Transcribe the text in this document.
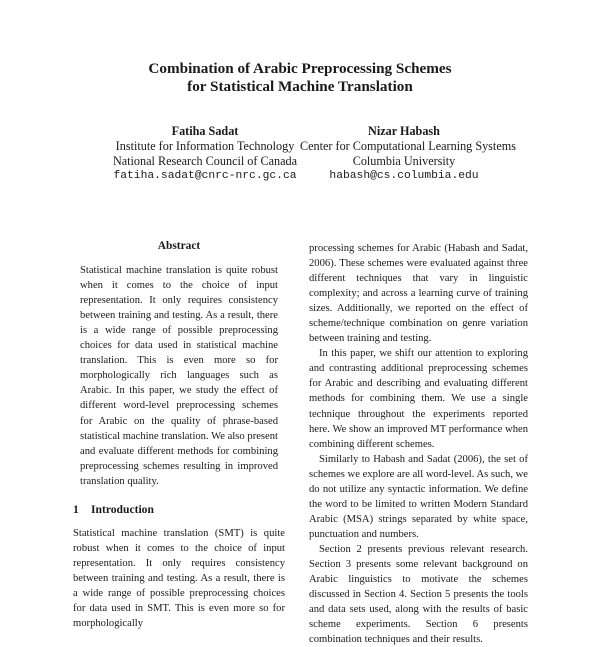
Combination of Arabic Preprocessing Schemes
for Statistical Machine Translation
Fatiha Sadat
Institute for Information Technology
National Research Council of Canada
fatiha.sadat@cnrc-nrc.gc.ca
Nizar Habash
Center for Computational Learning Systems
Columbia University
habash@cs.columbia.edu
Abstract

Statistical machine translation is quite robust when it comes to the choice of input representation. It only requires consistency between training and testing. As a result, there is a wide range of possible preprocessing choices for data used in statistical machine translation. This is even more so for morphologically rich languages such as Arabic. In this paper, we study the effect of different word-level preprocessing schemes for Arabic on the quality of phrase-based statistical machine translation. We also present and evaluate different methods for combining preprocessing schemes resulting in improved translation quality.

1 Introduction

Statistical machine translation (SMT) is quite robust when it comes to the choice of input representation. It only requires consistency between training and testing. As a result, there is a wide range of possible preprocessing choices for data used in SMT. This is even more so for morphologically

processing schemes for Arabic (Habash and Sadat, 2006). These schemes were evaluated against three different techniques that vary in linguistic complexity; and across a learning curve of training sizes. Additionally, we reported on the effect of scheme/technique combination on genre variation between training and testing.

In this paper, we shift our attention to exploring and contrasting additional preprocessing schemes for Arabic and describing and evaluating different methods for combining them. We use a single technique throughout the experiments reported here. We show an improved MT performance when combining different schemes.

Similarly to Habash and Sadat (2006), the set of schemes we explore are all word-level. As such, we do not utilize any syntactic information. We define the word to be limited to written Modern Standard Arabic (MSA) strings separated by white space, punctuation and numbers.

Section 2 presents previous relevant research. Section 3 presents some relevant background on Arabic linguistics to motivate the schemes discussed in Section 4. Section 5 presents the tools and data sets used, along with the results of basic scheme experiments. Section 6 presents combination techniques and their results.
